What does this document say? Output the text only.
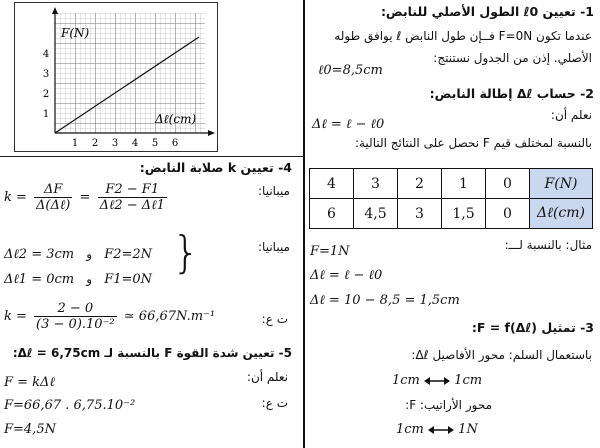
1- تعيين ℓ0 الطول الأصلي للنابض:
عندما تكون F=0N فــإن طول النابض ℓ يوافق طوله
الأصلي. إذن من الجدول نستنتج:
ℓ0=8,5cm
2- حساب Δℓ إطالة النابض:
نعلم أن:
Δℓ = ℓ − ℓ0
بالنسبة لمختلف قيم F نحصل على النتائج التالية:
4	3	2	1	0	F(N)
6	4,5	3	1,5	0	Δℓ(cm)
مثال: بالنسبة لـــ:
F=1N
Δℓ = ℓ − ℓ0
Δℓ = 10 − 8,5 = 1,5cm
3- تمثيل F = f(Δℓ):
باستعمال السلم: محور الأفاصيل Δℓ:
1cm	1cm
محور الأراتيب: F:
1cm	1N
1
2
3
4
1 2 3 4 5 6
F(N)
Δℓ(cm)
4- تعيين k صلابة النابض:
ميبانيا:
$k = \frac{\Delta F}{\text{Δ(Δℓ)}} = \frac{F2 - F1}{\text{Δℓ2 − Δℓ1}}$
ميبانيا:
}
Δℓ2 = 3cm و F2=2N
Δℓ1 = 0cm و F1=0N
ت ع:
$k = \frac{2 - 0}{\text{(3 − 0).10⁻²}}$ ≃ 66,67N.m⁻¹
5- تعيين شدة القوة F بالنسبة لـ Δℓ = 6,75cm:
نعلم أن:
F = kΔℓ
ت ع:
F=66,67 . 6,75.10⁻²
F=4,5N
